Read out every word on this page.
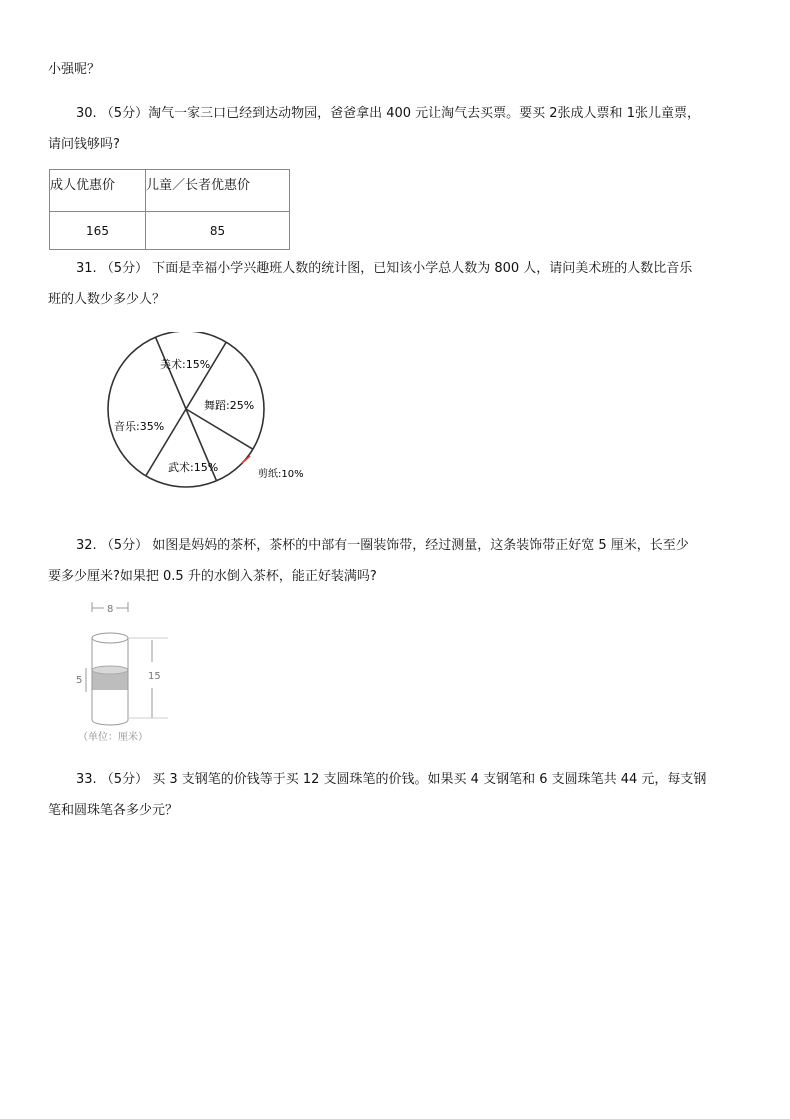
小强呢？
30. （5分）淘气一家三口已经到达动物园，爸爸拿出 400 元让淘气去买票。要买 2张成人票和 1张儿童票，
请问钱够吗?
成人优惠价	儿童／长者优惠价
165	85
31. （5分） 下面是幸福小学兴趣班人数的统计图，已知该小学总人数为 800 人，请问美术班的人数比音乐
班的人数少多少人？
美术:15%
舞蹈:25%
剪纸:10%
武术:15%
音乐:35%
32. （5分） 如图是妈妈的茶杯，茶杯的中部有一圈装饰带，经过测量，这条装饰带正好宽 5 厘米，长至少
要多少厘米?如果把 0.5 升的水倒入茶杯，能正好装满吗?
8
5	15
（单位：厘米）
33. （5分） 买 3 支钢笔的价钱等于买 12 支圆珠笔的价钱。如果买 4 支钢笔和 6 支圆珠笔共 44 元，每支钢
笔和圆珠笔各多少元？
